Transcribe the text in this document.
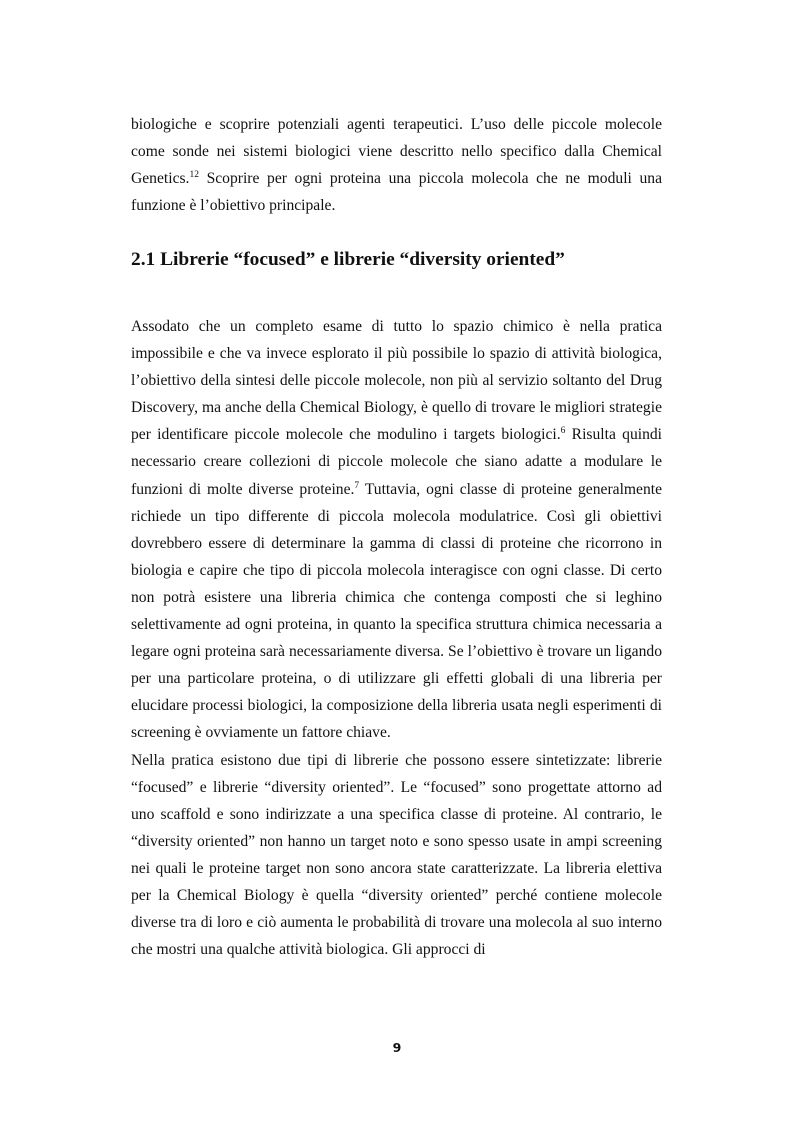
biologiche e scoprire potenziali agenti terapeutici. L’uso delle piccole molecole come sonde nei sistemi biologici viene descritto nello specifico dalla Chemical Genetics.$^{12}$ Scoprire per ogni proteina una piccola molecola che ne moduli una funzione è l’obiettivo principale.

2.1 Librerie “focused” e librerie “diversity oriented”

Assodato che un completo esame di tutto lo spazio chimico è nella pratica impossibile e che va invece esplorato il più possibile lo spazio di attività biologica, l’obiettivo della sintesi delle piccole molecole, non più al servizio soltanto del Drug Discovery, ma anche della Chemical Biology, è quello di trovare le migliori strategie per identificare piccole molecole che modulino i targets biologici.$^6$ Risulta quindi necessario creare collezioni di piccole molecole che siano adatte a modulare le funzioni di molte diverse proteine.$^7$ Tuttavia, ogni classe di proteine generalmente richiede un tipo differente di piccola molecola modulatrice. Così gli obiettivi dovrebbero essere di determinare la gamma di classi di proteine che ricorrono in biologia e capire che tipo di piccola molecola interagisce con ogni classe. Di certo non potrà esistere una libreria chimica che contenga composti che si leghino selettivamente ad ogni proteina, in quanto la specifica struttura chimica necessaria a legare ogni proteina sarà necessariamente diversa. Se l’obiettivo è trovare un ligando per una particolare proteina, o di utilizzare gli effetti globali di una libreria per elucidare processi biologici, la composizione della libreria usata negli esperimenti di screening è ovviamente un fattore chiave.

Nella pratica esistono due tipi di librerie che possono essere sintetizzate: librerie “focused” e librerie “diversity oriented”. Le “focused” sono progettate attorno ad uno scaffold e sono indirizzate a una specifica classe di proteine. Al contrario, le “diversity oriented” non hanno un target noto e sono spesso usate in ampi screening nei quali le proteine target non sono ancora state caratterizzate. La libreria elettiva per la Chemical Biology è quella “diversity oriented” perché contiene molecole diverse tra di loro e ciò aumenta le probabilità di trovare una molecola al suo interno che mostri una qualche attività biologica. Gli approcci di

9
